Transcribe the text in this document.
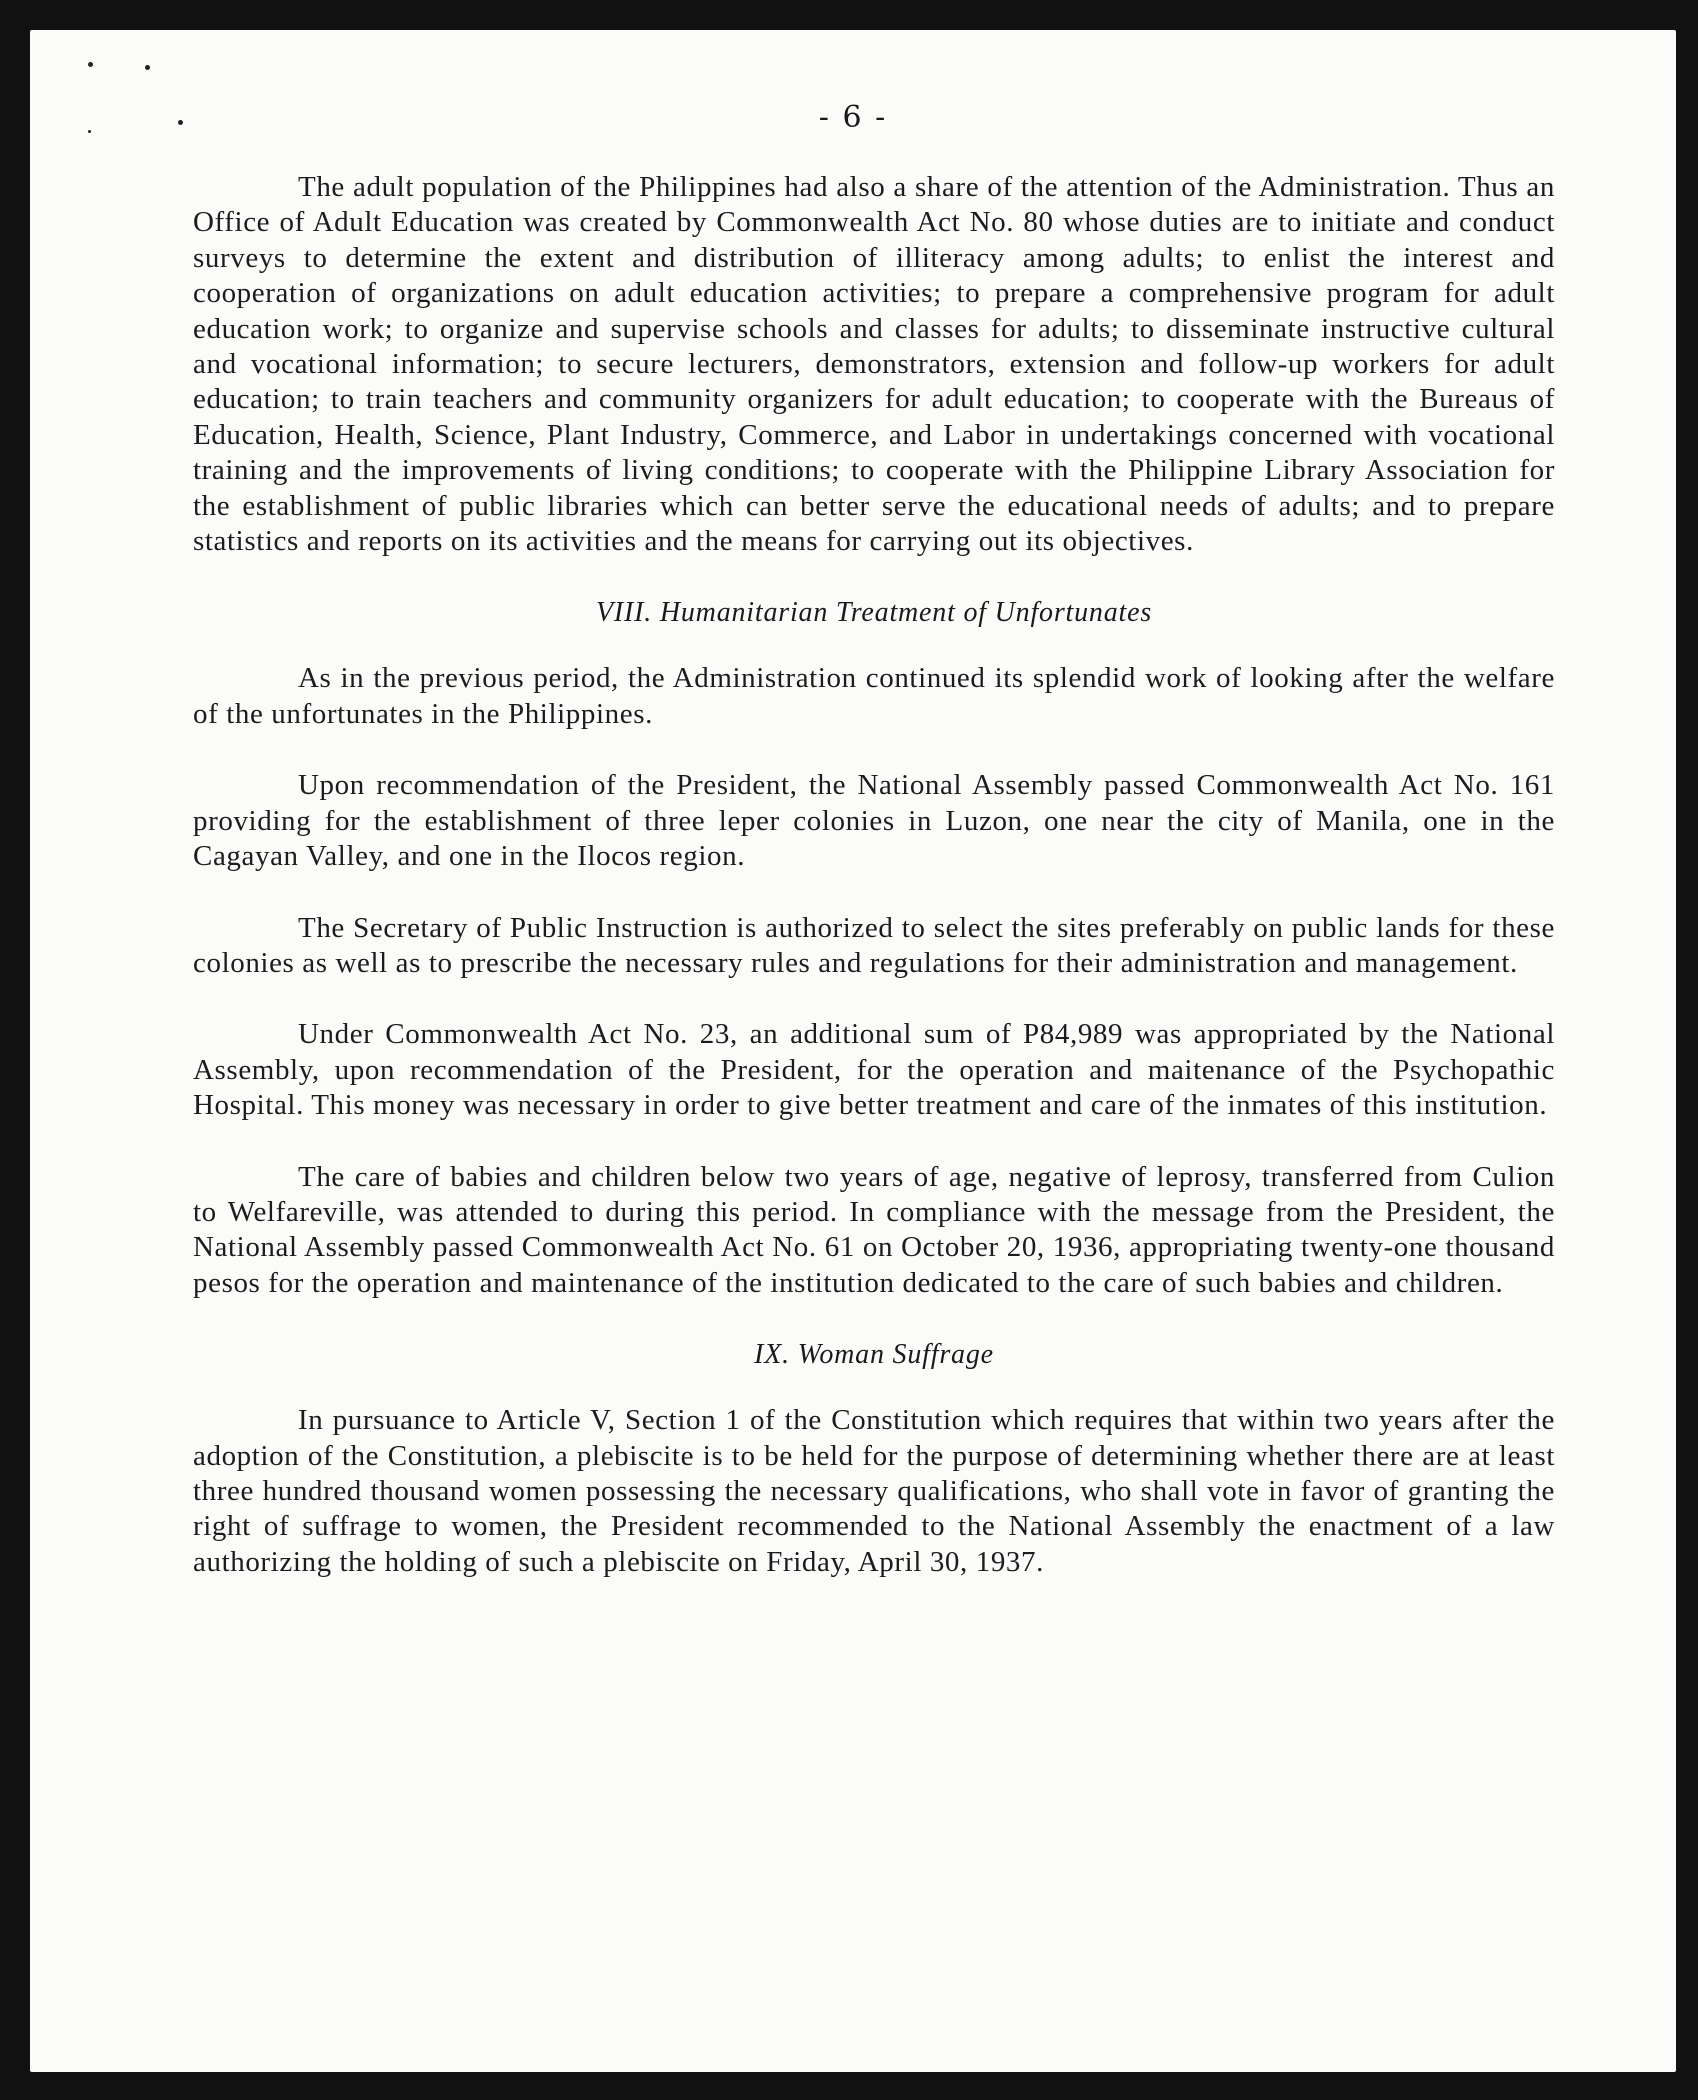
- 6 -

The adult population of the Philippines had also a share of the attention of the Administration. Thus an Office of Adult Education was created by Commonwealth Act No. 80 whose duties are to initiate and conduct surveys to determine the extent and distribution of illiteracy among adults; to enlist the interest and cooperation of organizations on adult education activities; to prepare a comprehensive program for adult education work; to organize and supervise schools and classes for adults; to disseminate instructive cultural and vocational information; to secure lecturers, demonstrators, extension and follow-up workers for adult education; to train teachers and community organizers for adult education; to cooperate with the Bureaus of Education, Health, Science, Plant Industry, Commerce, and Labor in undertakings concerned with vocational training and the improvements of living conditions; to cooperate with the Philippine Library Association for the establishment of public libraries which can better serve the educational needs of adults; and to prepare statistics and reports on its activities and the means for carrying out its objectives.

VIII. Humanitarian Treatment of Unfortunates

As in the previous period, the Administration continued its splendid work of looking after the welfare of the unfortunates in the Philippines.

Upon recommendation of the President, the National Assembly passed Commonwealth Act No. 161 providing for the establishment of three leper colonies in Luzon, one near the city of Manila, one in the Cagayan Valley, and one in the Ilocos region.

The Secretary of Public Instruction is authorized to select the sites preferably on public lands for these colonies as well as to prescribe the necessary rules and regulations for their administration and management.

Under Commonwealth Act No. 23, an additional sum of P84,989 was appropriated by the National Assembly, upon recommendation of the President, for the operation and maitenance of the Psychopathic Hospital. This money was necessary in order to give better treatment and care of the inmates of this institution.

The care of babies and children below two years of age, negative of leprosy, transferred from Culion to Welfareville, was attended to during this period. In compliance with the message from the President, the National Assembly passed Commonwealth Act No. 61 on October 20, 1936, appropriating twenty-one thousand pesos for the operation and maintenance of the institution dedicated to the care of such babies and children.

IX. Woman Suffrage

In pursuance to Article V, Section 1 of the Constitution which requires that within two years after the adoption of the Constitution, a plebiscite is to be held for the purpose of determining whether there are at least three hundred thousand women possessing the necessary qualifications, who shall vote in favor of granting the right of suffrage to women, the President recommended to the National Assembly the enactment of a law authorizing the holding of such a plebiscite on Friday, April 30, 1937.
